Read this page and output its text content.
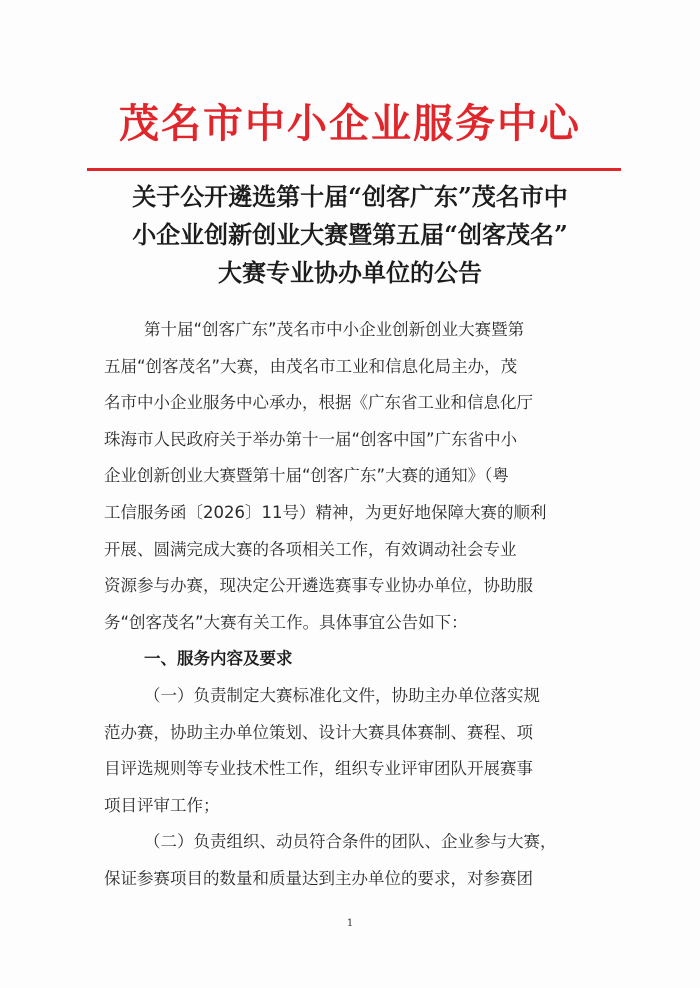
茂名市中小企业服务中心
关于公开遴选第十届“创客广东”茂名市中
小企业创新创业大赛暨第五届“创客茂名”
大赛专业协办单位的公告
第十届“创客广东”茂名市中小企业创新创业大赛暨第
五届“创客茂名”大赛，由茂名市工业和信息化局主办，茂
名市中小企业服务中心承办，根据《广东省工业和信息化厅
珠海市人民政府关于举办第十一届“创客中国”广东省中小
企业创新创业大赛暨第十届“创客广东”大赛的通知》（粤
工信服务函〔2026〕11号）精神，为更好地保障大赛的顺利
开展、圆满完成大赛的各项相关工作，有效调动社会专业
资源参与办赛，现决定公开遴选赛事专业协办单位，协助服
务“创客茂名”大赛有关工作。具体事宜公告如下：
一、服务内容及要求
（一）负责制定大赛标准化文件，协助主办单位落实规
范办赛，协助主办单位策划、设计大赛具体赛制、赛程、项
目评选规则等专业技术性工作，组织专业评审团队开展赛事
项目评审工作；
（二）负责组织、动员符合条件的团队、企业参与大赛，
保证参赛项目的数量和质量达到主办单位的要求，对参赛团
1
